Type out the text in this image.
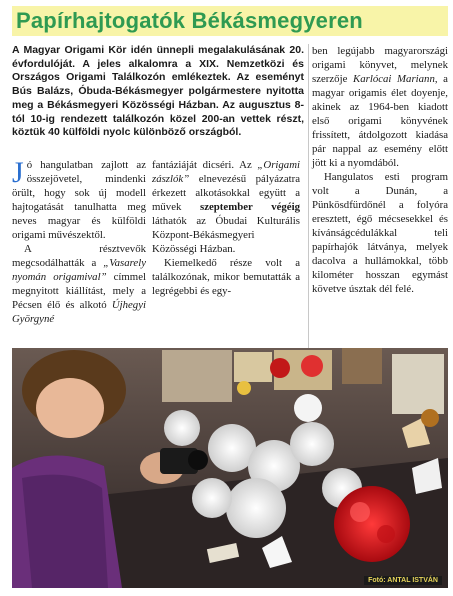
Papírhajtogatók Békásmegyeren
A Magyar Origami Kör idén ünnepli megalakulásának 20. évfordulóját. A jeles alkalomra a XIX. Nemzetközi és Országos Origami Találkozón emlékeztek. Az eseményt Bús Balázs, Óbuda-Békásmegyer polgármestere nyitotta meg a Békásmegyeri Közösségi Házban. Az augusztus 8-tól 10-ig rendezett találkozón közel 200-an vettek részt, köztük 40 külföldi nyolc különböző országból.

Jó hangulatban zajlott az összejövetel, mindenki örült, hogy sok új modell hajtogatását tanulhatta meg neves magyar és külföldi origami művészektől.

A résztvevők megcsodálhatták a „Vasarely nyomán origamival” címmel megnyitott kiállítást, mely a Pécsen élő és alkotó Újhegyi Györgyné

fantáziáját dicséri. Az „Origami zászlók” elnevezésű pályázatra érkezett alkotásokkal együtt a művek szeptember végéig láthatók az Óbudai Kulturális Központ-Békásmegyeri Közösségi Házban.

Kiemelkedő része volt a találkozónak, mikor bemutatták a legrégebbi és egy-

ben legújabb magyarországi origami könyvet, melynek szerzője Karlócai Mariann, a magyar origamis élet doyenje, akinek az 1964-ben kiadott első origami könyvének frissített, átdolgozott kiadása pár nappal az esemény előtt jött ki a nyomdából.

Hangulatos esti program volt a Dunán, a Pünkösdfürdőnél a folyóra eresztett, égő mécsesekkel és kívánságcédulákkal teli papírhajók látványa, melyek dacolva a hullámokkal, több kilométer hosszan egymást követve úsztak dél felé.

Fotó: ANTAL ISTVÁN
